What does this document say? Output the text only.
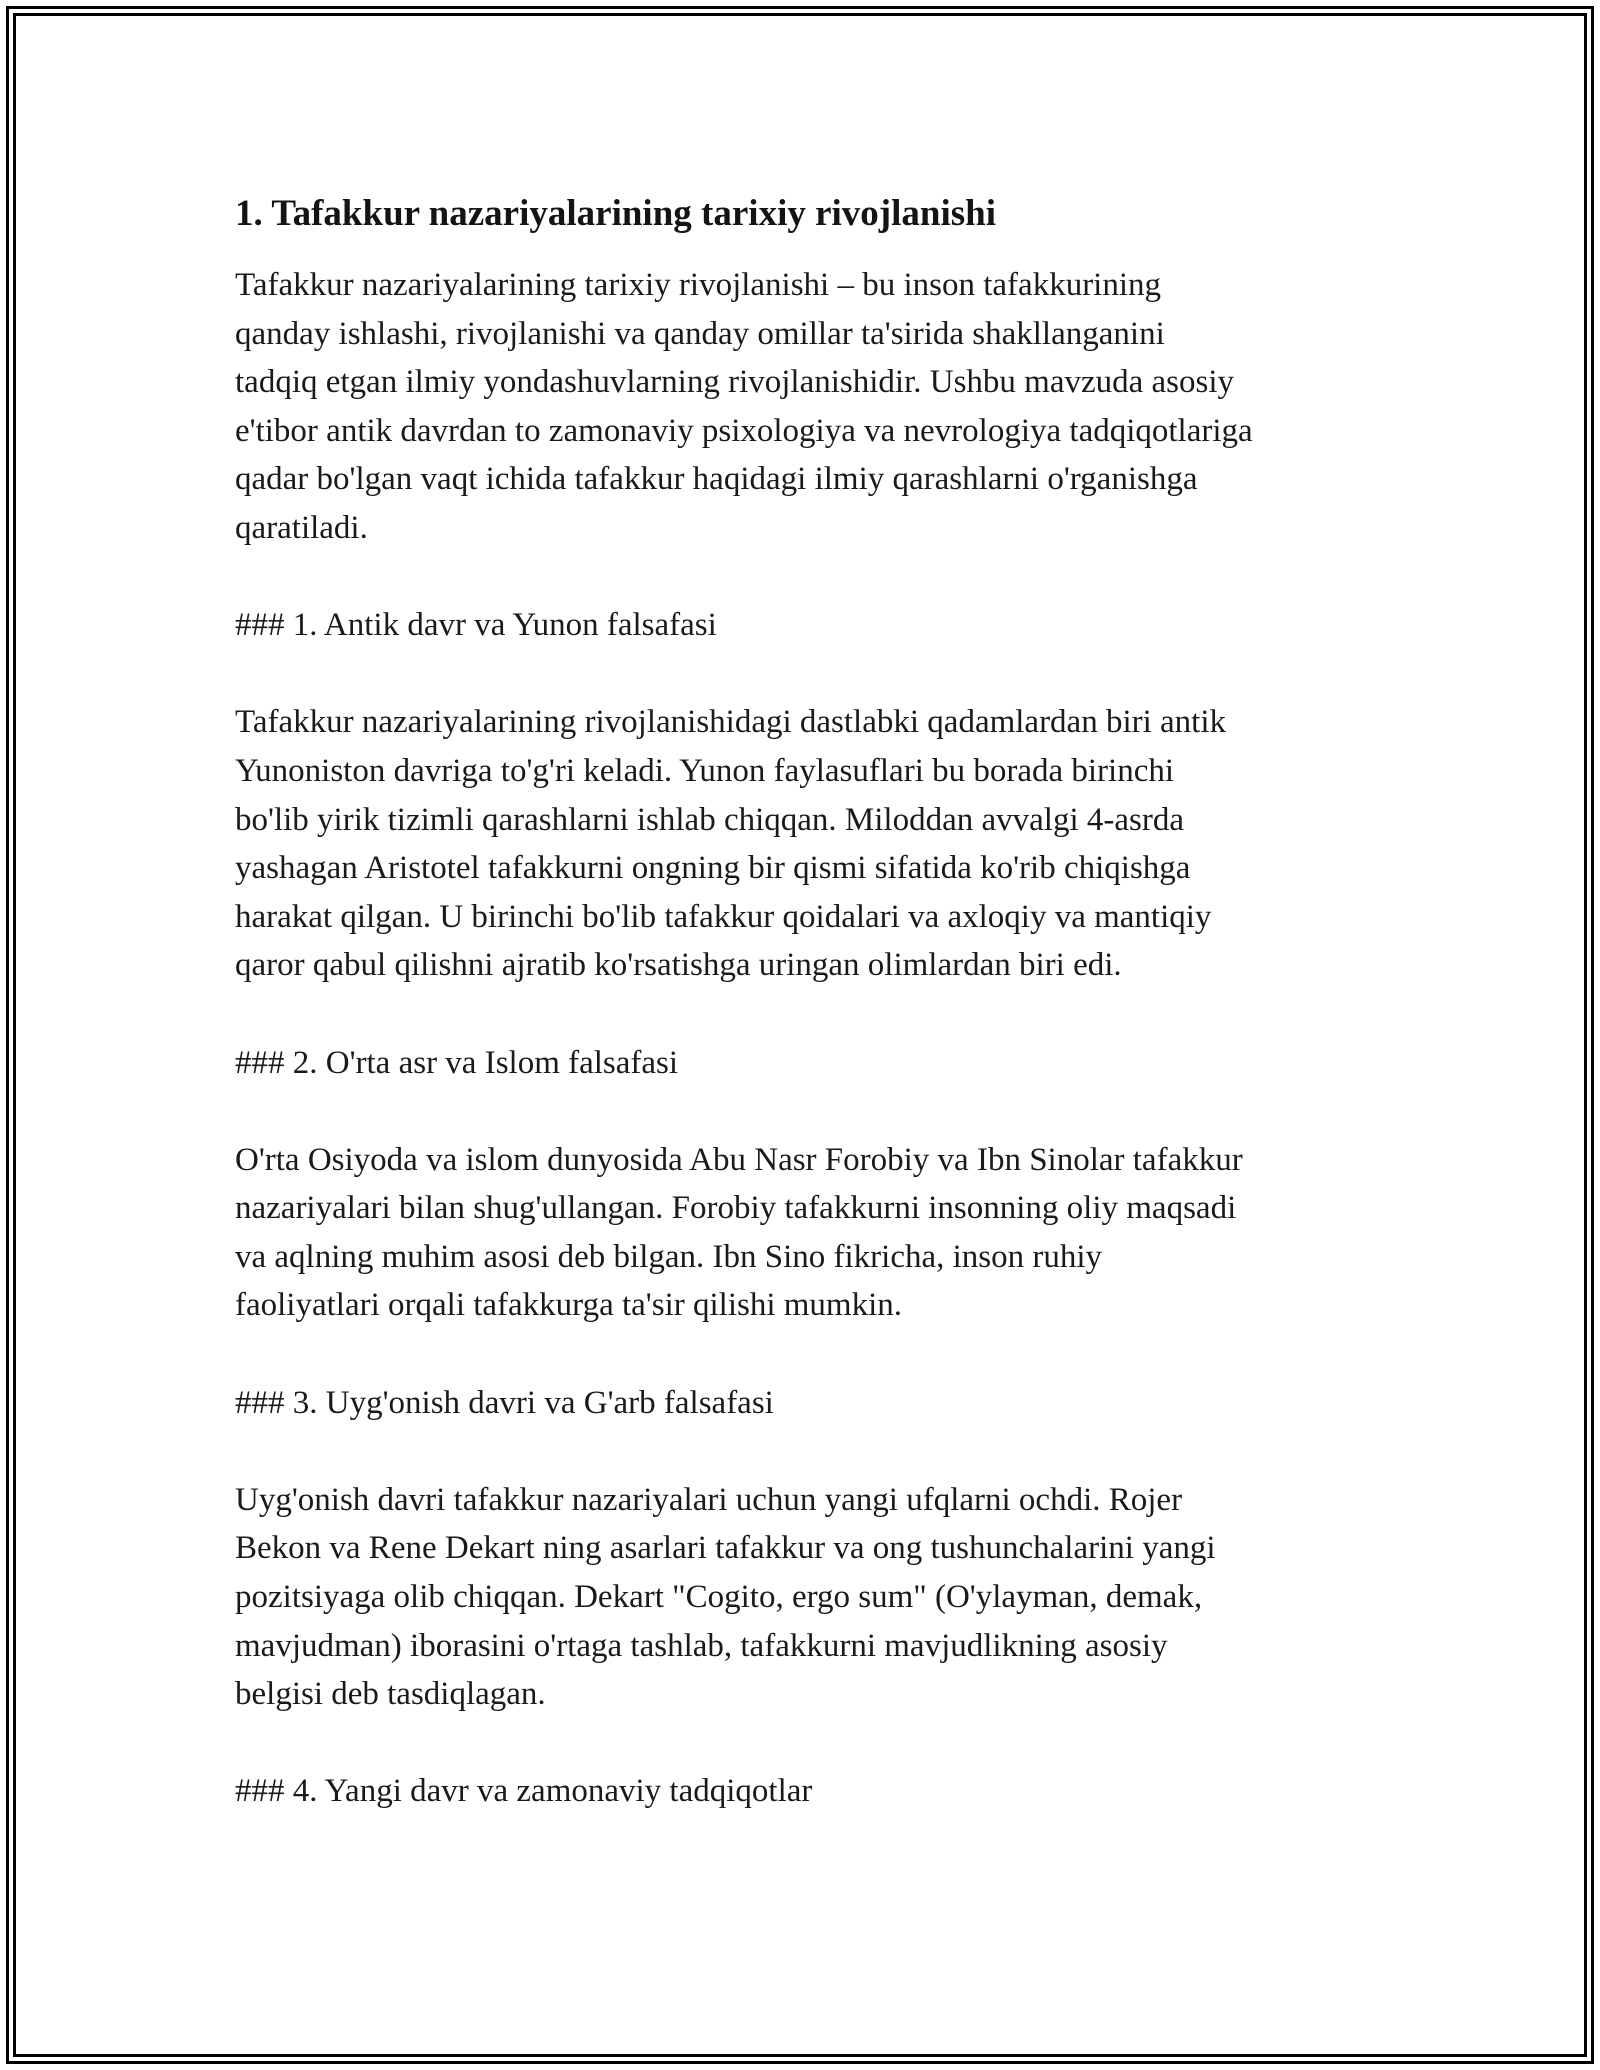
1. Tafakkur nazariyalarining tarixiy rivojlanishi

Tafakkur nazariyalarining tarixiy rivojlanishi – bu inson tafakkurining
qanday ishlashi, rivojlanishi va qanday omillar ta'sirida shakllanganini
tadqiq etgan ilmiy yondashuvlarning rivojlanishidir. Ushbu mavzuda asosiy
e'tibor antik davrdan to zamonaviy psixologiya va nevrologiya tadqiqotlariga
qadar bo'lgan vaqt ichida tafakkur haqidagi ilmiy qarashlarni o'rganishga
qaratiladi.

### 1. Antik davr va Yunon falsafasi

Tafakkur nazariyalarining rivojlanishidagi dastlabki qadamlardan biri antik
Yunoniston davriga to'g'ri keladi. Yunon faylasuflari bu borada birinchi
bo'lib yirik tizimli qarashlarni ishlab chiqqan. Miloddan avvalgi 4-asrda
yashagan Aristotel tafakkurni ongning bir qismi sifatida ko'rib chiqishga
harakat qilgan. U birinchi bo'lib tafakkur qoidalari va axloqiy va mantiqiy
qaror qabul qilishni ajratib ko'rsatishga uringan olimlardan biri edi.

### 2. O'rta asr va Islom falsafasi

O'rta Osiyoda va islom dunyosida Abu Nasr Forobiy va Ibn Sinolar tafakkur
nazariyalari bilan shug'ullangan. Forobiy tafakkurni insonning oliy maqsadi
va aqlning muhim asosi deb bilgan. Ibn Sino fikricha, inson ruhiy
faoliyatlari orqali tafakkurga ta'sir qilishi mumkin.

### 3. Uyg'onish davri va G'arb falsafasi

Uyg'onish davri tafakkur nazariyalari uchun yangi ufqlarni ochdi. Rojer
Bekon va Rene Dekart ning asarlari tafakkur va ong tushunchalarini yangi
pozitsiyaga olib chiqqan. Dekart "Cogito, ergo sum" (O'ylayman, demak,
mavjudman) iborasini o'rtaga tashlab, tafakkurni mavjudlikning asosiy
belgisi deb tasdiqlagan.

### 4. Yangi davr va zamonaviy tadqiqotlar
